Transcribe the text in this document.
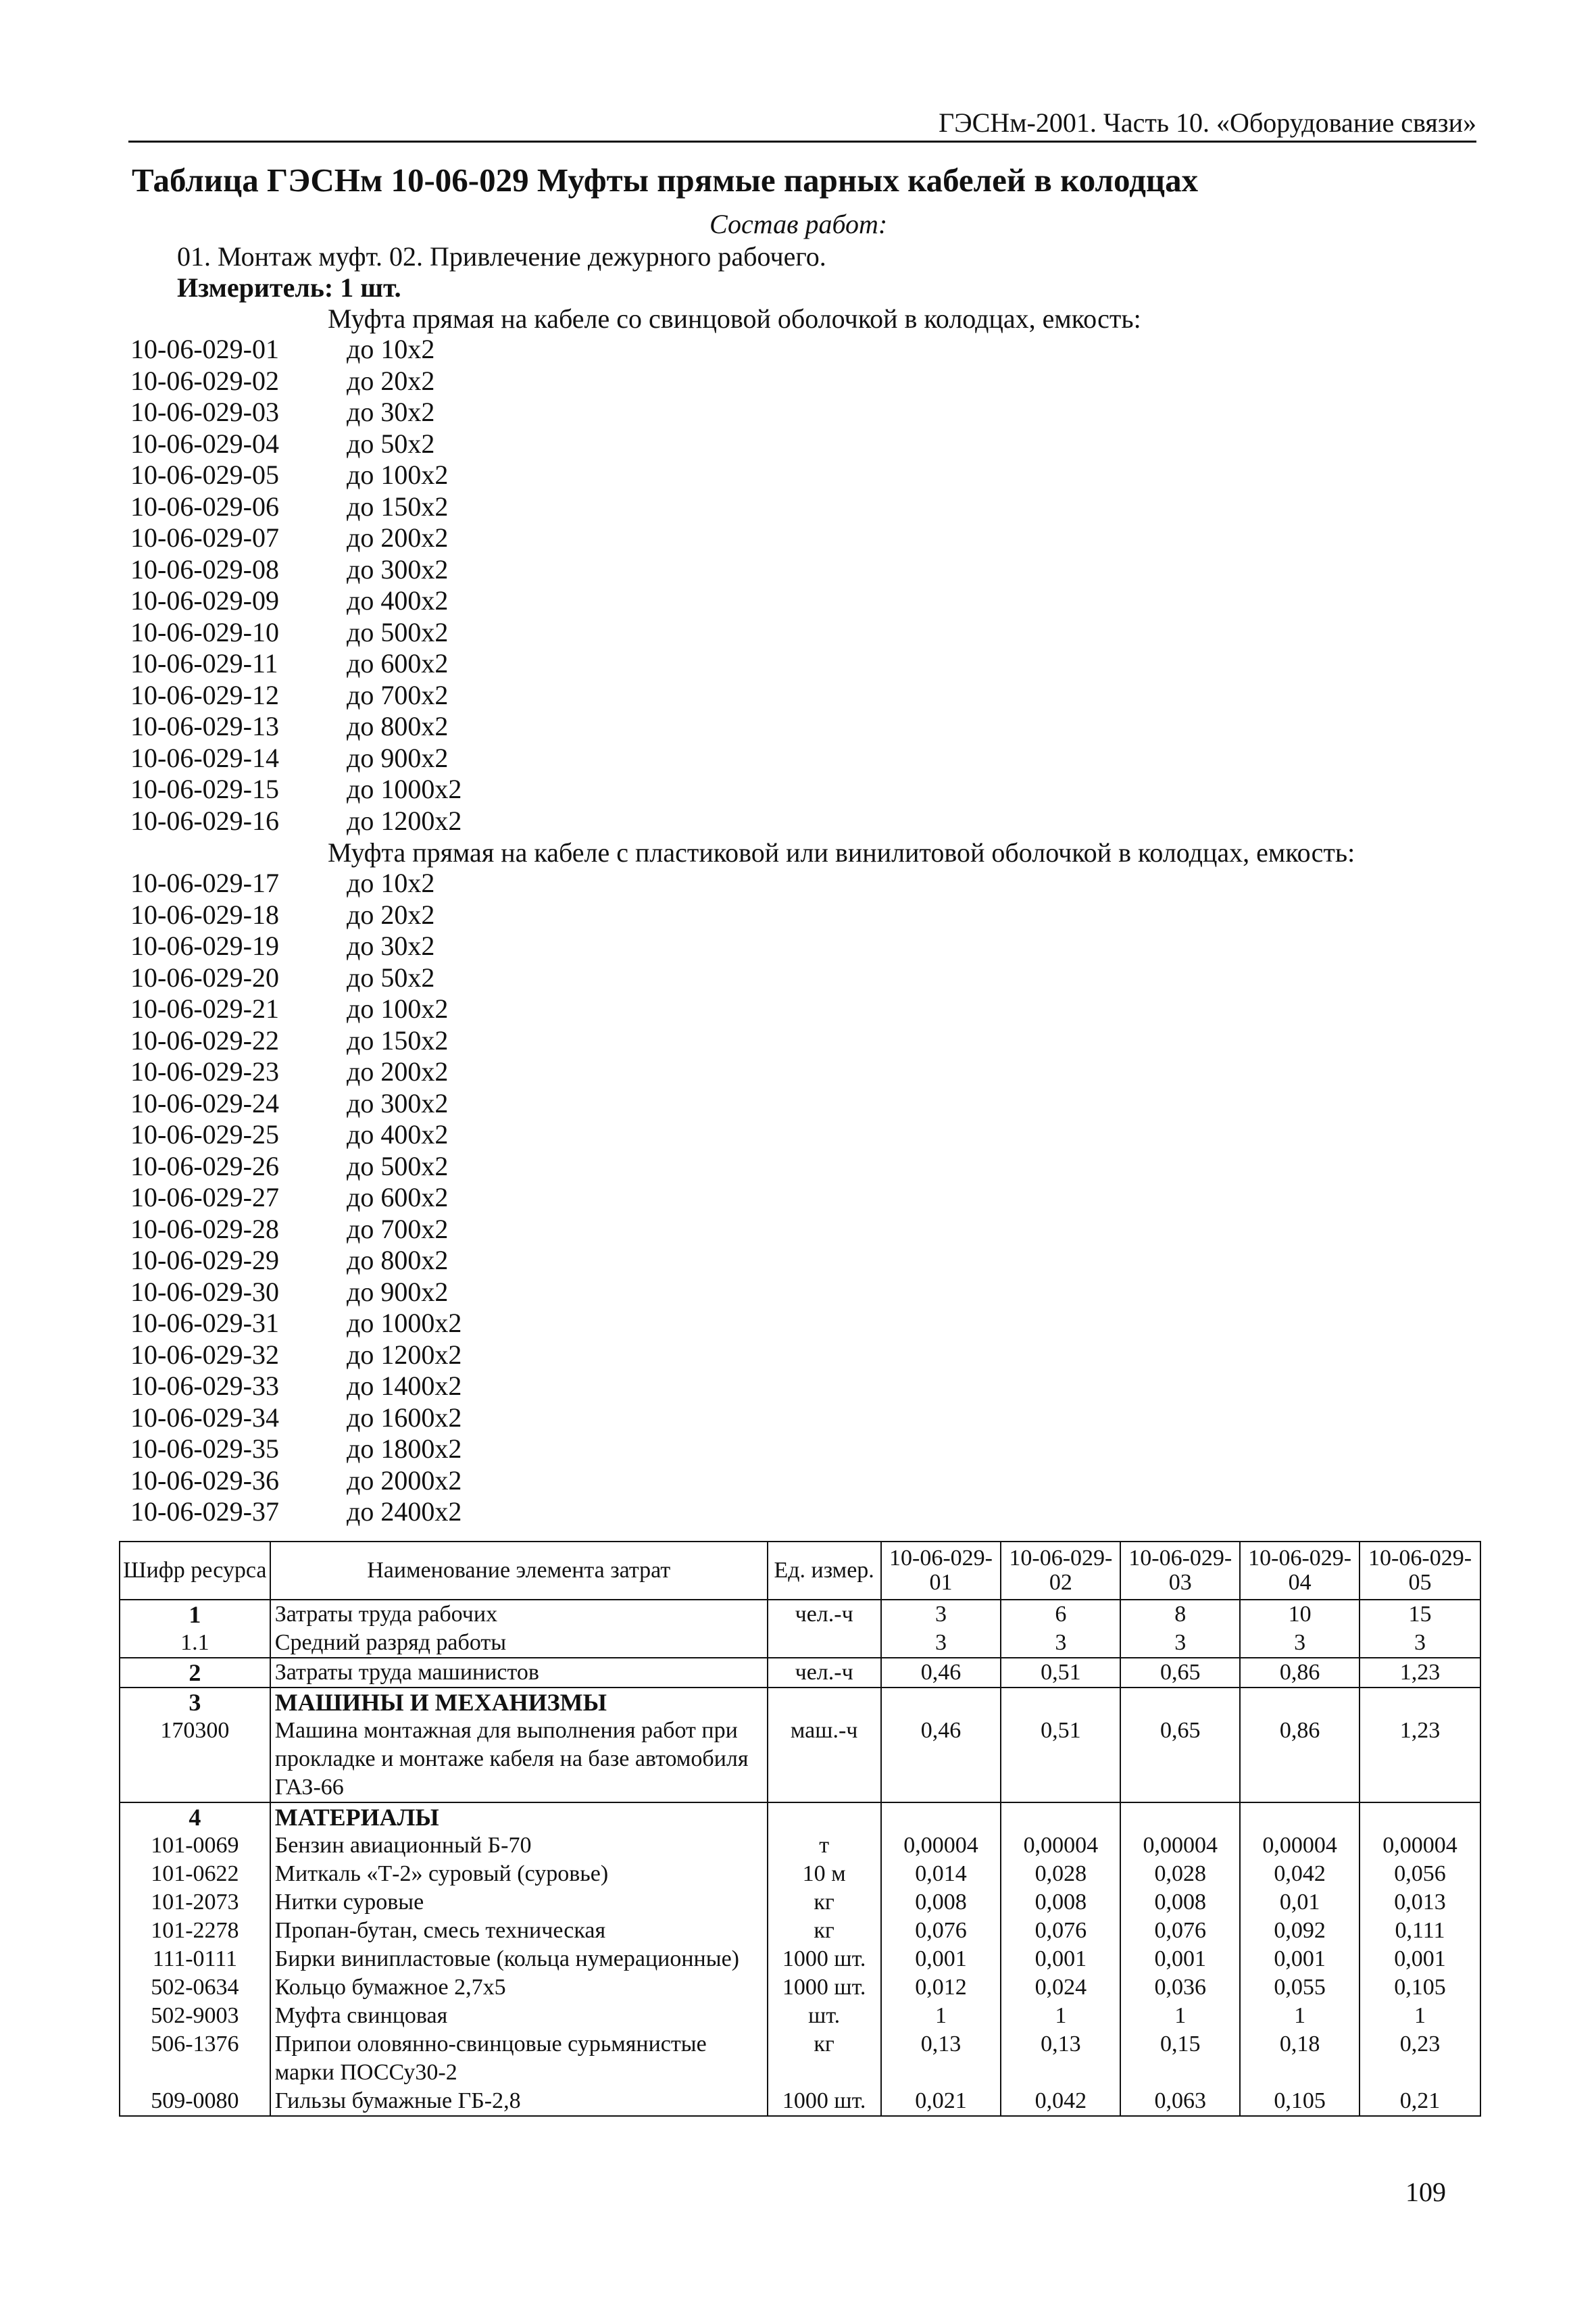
ГЭСНм-2001. Часть 10. «Оборудование связи»
Таблица ГЭСНм 10-06-029 Муфты прямые парных кабелей в колодцах
Состав работ:
01. Монтаж муфт. 02. Привлечение дежурного рабочего.
Измеритель: 1 шт.
Муфта прямая на кабеле со свинцовой оболочкой в колодцах, емкость:
10-06-029-01	до 10х2
10-06-029-02	до 20х2
10-06-029-03	до 30х2
10-06-029-04	до 50х2
10-06-029-05	до 100х2
10-06-029-06	до 150х2
10-06-029-07	до 200х2
10-06-029-08	до 300х2
10-06-029-09	до 400х2
10-06-029-10	до 500х2
10-06-029-11	до 600х2
10-06-029-12	до 700х2
10-06-029-13	до 800х2
10-06-029-14	до 900х2
10-06-029-15	до 1000х2
10-06-029-16	до 1200х2
Муфта прямая на кабеле с пластиковой или винилитовой оболочкой в колодцах, емкость:
10-06-029-17	до 10х2
10-06-029-18	до 20х2
10-06-029-19	до 30х2
10-06-029-20	до 50х2
10-06-029-21	до 100х2
10-06-029-22	до 150х2
10-06-029-23	до 200х2
10-06-029-24	до 300х2
10-06-029-25	до 400х2
10-06-029-26	до 500х2
10-06-029-27	до 600х2
10-06-029-28	до 700х2
10-06-029-29	до 800х2
10-06-029-30	до 900х2
10-06-029-31	до 1000х2
10-06-029-32	до 1200х2
10-06-029-33	до 1400х2
10-06-029-34	до 1600х2
10-06-029-35	до 1800х2
10-06-029-36	до 2000х2
10-06-029-37	до 2400х2
Шифр ресурса	Наименование элемента затрат	Ед. измер.	10-06-029-01	10-06-029-02	10-06-029-03	10-06-029-04	10-06-029-05
1	Затраты труда рабочих	чел.-ч	3	6	8	10	15
1.1	Средний разряд работы		3	3	3	3	3
2	Затраты труда машинистов	чел.-ч	0,46	0,51	0,65	0,86	1,23
3	МАШИНЫ И МЕХАНИЗМЫ						
170300	Машина монтажная для выполнения работ при прокладке и монтаже кабеля на базе автомобиля ГАЗ-66	маш.-ч	0,46	0,51	0,65	0,86	1,23
4	МАТЕРИАЛЫ						
101-0069	Бензин авиационный Б-70	т	0,00004	0,00004	0,00004	0,00004	0,00004
101-0622	Миткаль «Т-2» суровый (суровье)	10 м	0,014	0,028	0,028	0,042	0,056
101-2073	Нитки суровые	кг	0,008	0,008	0,008	0,01	0,013
101-2278	Пропан-бутан, смесь техническая	кг	0,076	0,076	0,076	0,092	0,111
111-0111	Бирки винипластовые (кольца нумерационные)	1000 шт.	0,001	0,001	0,001	0,001	0,001
502-0634	Кольцо бумажное 2,7х5	1000 шт.	0,012	0,024	0,036	0,055	0,105
502-9003	Муфта свинцовая	шт.	1	1	1	1	1
506-1376	Припои оловянно-свинцовые сурьмянистые марки ПОССу30-2	кг	0,13	0,13	0,15	0,18	0,23
509-0080	Гильзы бумажные ГБ-2,8	1000 шт.	0,021	0,042	0,063	0,105	0,21
109
